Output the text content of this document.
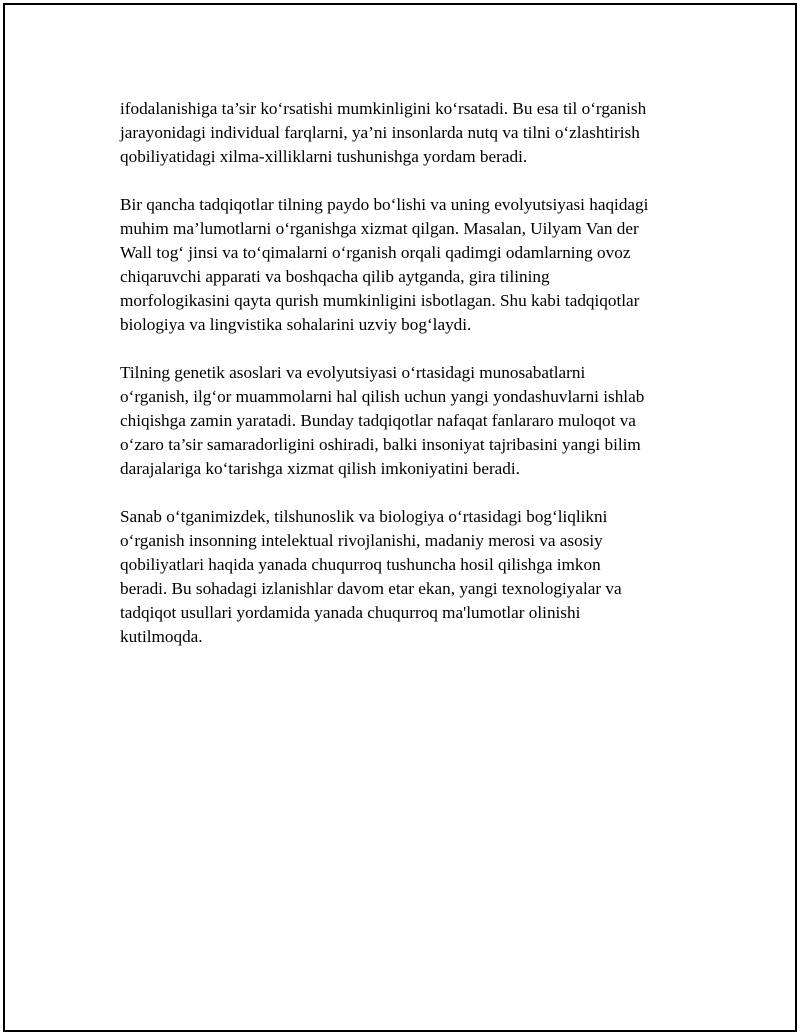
ifodalanishiga ta’sir ko‘rsatishi mumkinligini ko‘rsatadi. Bu esa til o‘rganish
jarayonidagi individual farqlarni, ya’ni insonlarda nutq va tilni o‘zlashtirish
qobiliyatidagi xilma-xilliklarni tushunishga yordam beradi.

Bir qancha tadqiqotlar tilning paydo bo‘lishi va uning evolyutsiyasi haqidagi
muhim ma’lumotlarni o‘rganishga xizmat qilgan. Masalan, Uilyam Van der
Wall tog‘ jinsi va to‘qimalarni o‘rganish orqali qadimgi odamlarning ovoz
chiqaruvchi apparati va boshqacha qilib aytganda, gira tilining
morfologikasini qayta qurish mumkinligini isbotlagan. Shu kabi tadqiqotlar
biologiya va lingvistika sohalarini uzviy bog‘laydi.

Tilning genetik asoslari va evolyutsiyasi o‘rtasidagi munosabatlarni
o‘rganish, ilg‘or muammolarni hal qilish uchun yangi yondashuvlarni ishlab
chiqishga zamin yaratadi. Bunday tadqiqotlar nafaqat fanlararo muloqot va
o‘zaro ta’sir samaradorligini oshiradi, balki insoniyat tajribasini yangi bilim
darajalariga ko‘tarishga xizmat qilish imkoniyatini beradi.

Sanab o‘tganimizdek, tilshunoslik va biologiya o‘rtasidagi bog‘liqlikni
o‘rganish insonning intelektual rivojlanishi, madaniy merosi va asosiy
qobiliyatlari haqida yanada chuqurroq tushuncha hosil qilishga imkon
beradi. Bu sohadagi izlanishlar davom etar ekan, yangi texnologiyalar va
tadqiqot usullari yordamida yanada chuqurroq ma'lumotlar olinishi
kutilmoqda.
